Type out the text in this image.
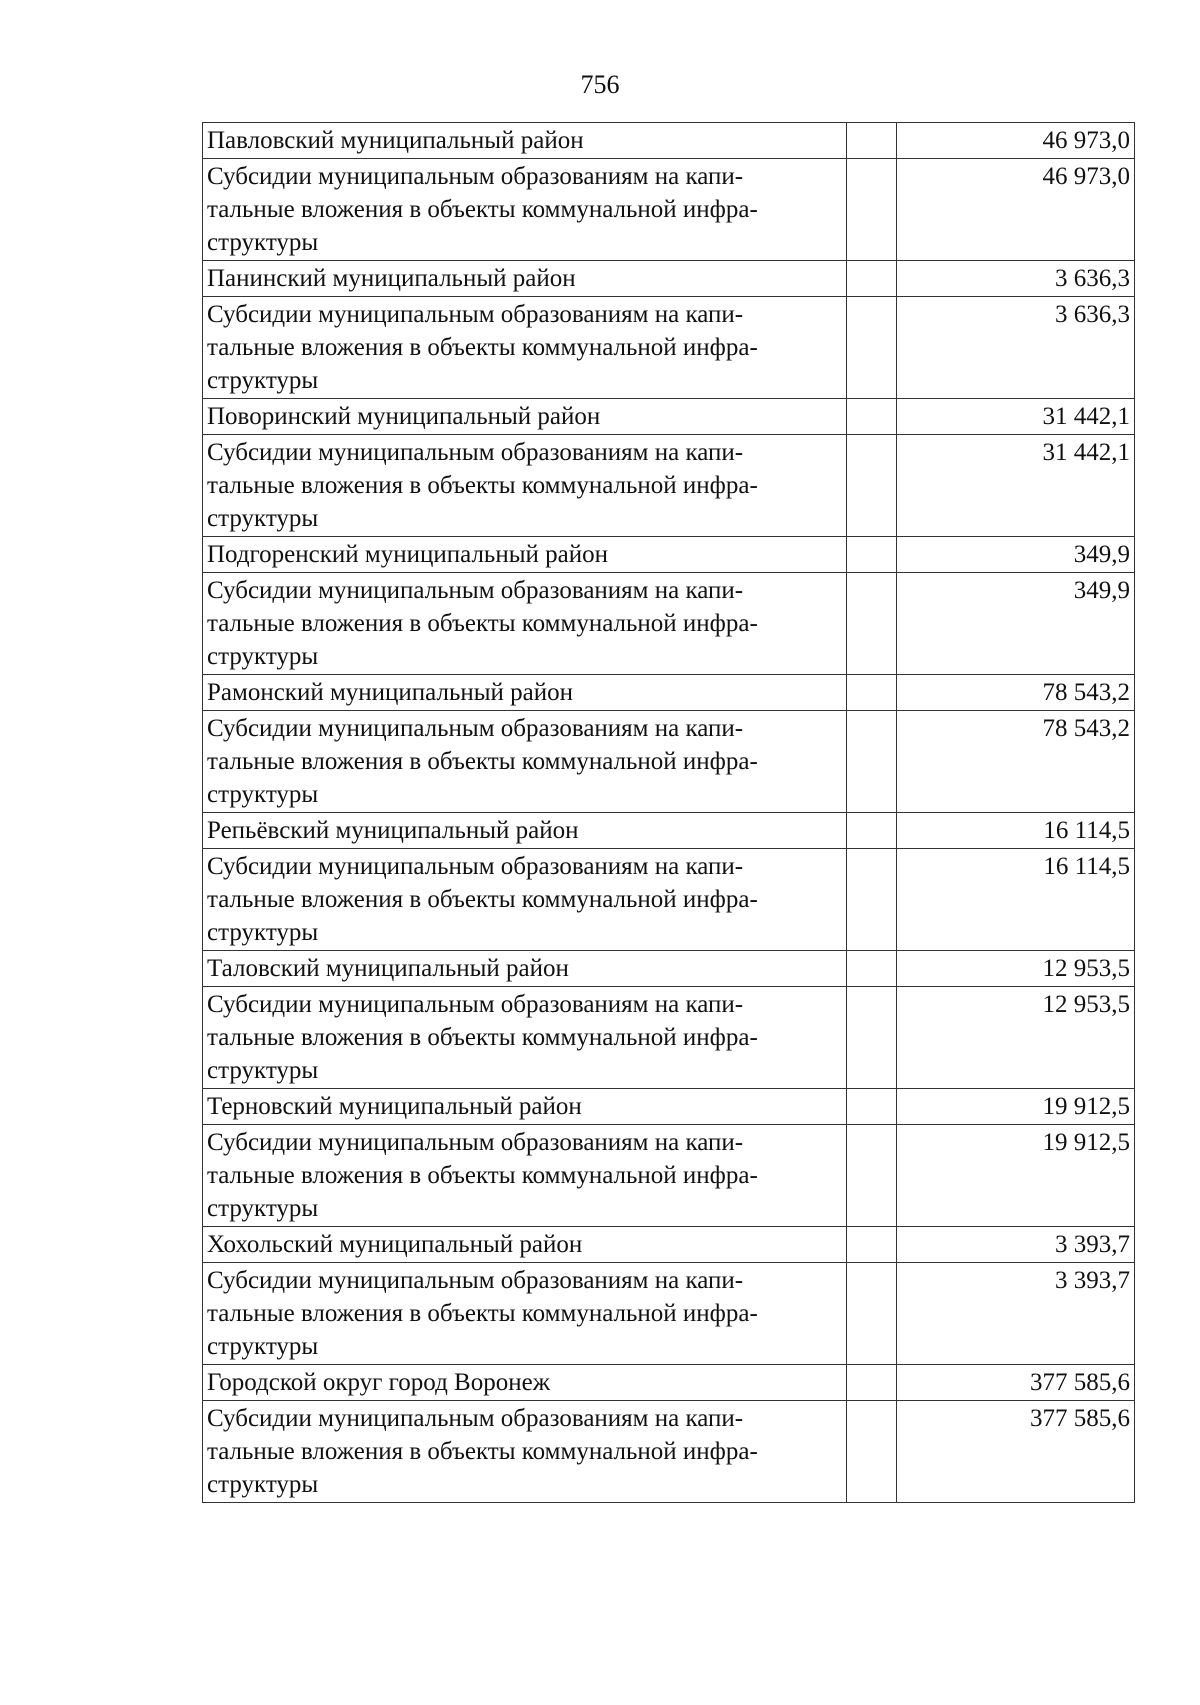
756
Павловский муниципальный район		46 973,0

Субсидии муниципальным образованиям на капи-
тальные вложения в объекты коммунальной инфра-
структуры		46 973,0

Панинский муниципальный район		3 636,3

Субсидии муниципальным образованиям на капи-
тальные вложения в объекты коммунальной инфра-
структуры		3 636,3

Поворинский муниципальный район		31 442,1

Субсидии муниципальным образованиям на капи-
тальные вложения в объекты коммунальной инфра-
структуры		31 442,1

Подгоренский муниципальный район		349,9

Субсидии муниципальным образованиям на капи-
тальные вложения в объекты коммунальной инфра-
структуры		349,9

Рамонский муниципальный район		78 543,2

Субсидии муниципальным образованиям на капи-
тальные вложения в объекты коммунальной инфра-
структуры		78 543,2

Репьёвский муниципальный район		16 114,5

Субсидии муниципальным образованиям на капи-
тальные вложения в объекты коммунальной инфра-
структуры		16 114,5

Таловский муниципальный район		12 953,5

Субсидии муниципальным образованиям на капи-
тальные вложения в объекты коммунальной инфра-
структуры		12 953,5

Терновский муниципальный район		19 912,5

Субсидии муниципальным образованиям на капи-
тальные вложения в объекты коммунальной инфра-
структуры		19 912,5

Хохольский муниципальный район		3 393,7

Субсидии муниципальным образованиям на капи-
тальные вложения в объекты коммунальной инфра-
структуры		3 393,7

Городской округ город Воронеж		377 585,6

Субсидии муниципальным образованиям на капи-
тальные вложения в объекты коммунальной инфра-
структуры		377 585,6
